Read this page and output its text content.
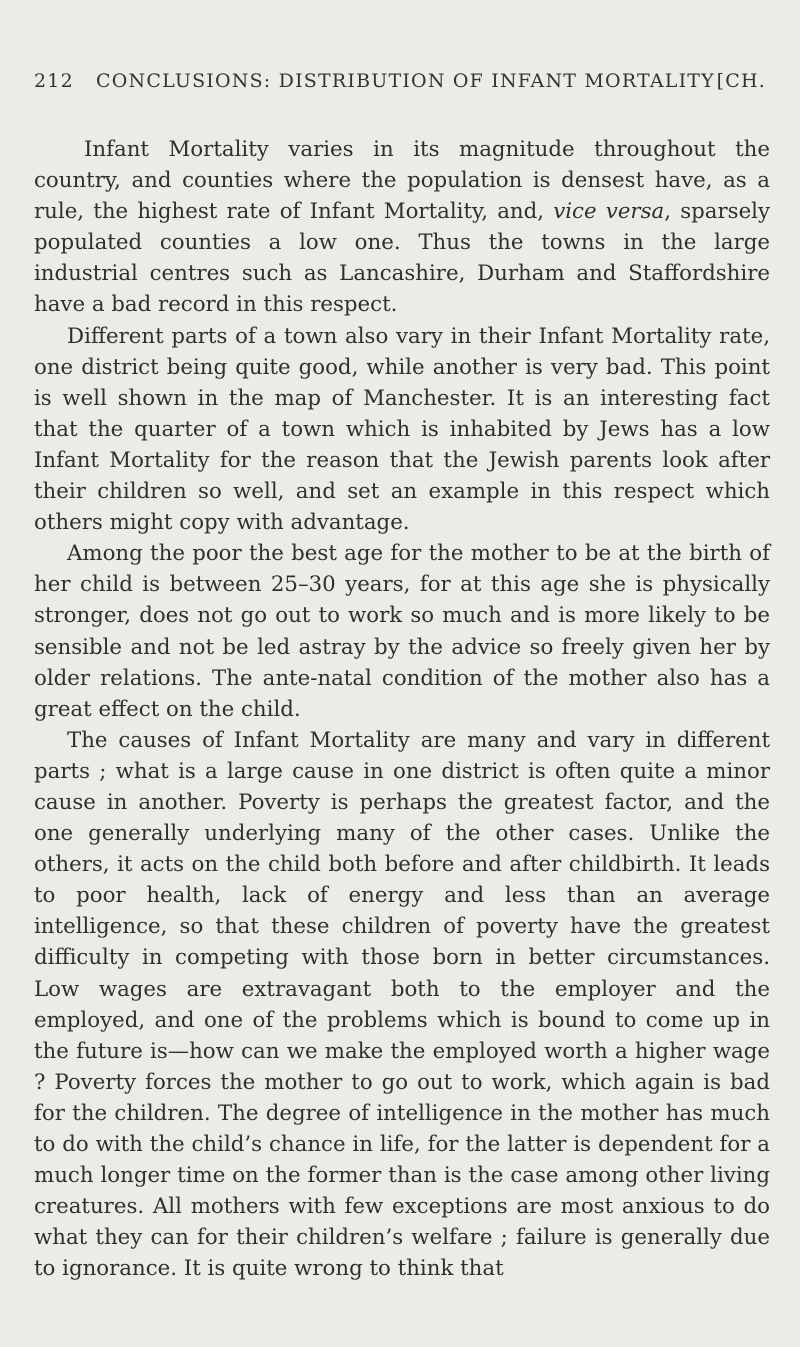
212 CONCLUSIONS: DISTRIBUTION OF INFANT MORTALITY [CH.

Infant Mortality varies in its magnitude throughout the country, and counties where the population is densest have, as a rule, the highest rate of Infant Mortality, and, vice versa, sparsely populated counties a low one. Thus the towns in the large industrial centres such as Lancashire, Durham and Staffordshire have a bad record in this respect.

Different parts of a town also vary in their Infant Mortality rate, one district being quite good, while another is very bad. This point is well shown in the map of Manchester. It is an interesting fact that the quarter of a town which is inhabited by Jews has a low Infant Mortality for the reason that the Jewish parents look after their children so well, and set an example in this respect which others might copy with advantage.

Among the poor the best age for the mother to be at the birth of her child is between 25–30 years, for at this age she is physically stronger, does not go out to work so much and is more likely to be sensible and not be led astray by the advice so freely given her by older relations. The ante-natal condition of the mother also has a great effect on the child.

The causes of Infant Mortality are many and vary in different parts ; what is a large cause in one district is often quite a minor cause in another. Poverty is perhaps the greatest factor, and the one generally underlying many of the other cases. Unlike the others, it acts on the child both before and after childbirth. It leads to poor health, lack of energy and less than an average intelligence, so that these children of poverty have the greatest difficulty in competing with those born in better circumstances. Low wages are extravagant both to the employer and the employed, and one of the problems which is bound to come up in the future is—how can we make the employed worth a higher wage ? Poverty forces the mother to go out to work, which again is bad for the children. The degree of intelligence in the mother has much to do with the child’s chance in life, for the latter is dependent for a much longer time on the former than is the case among other living creatures. All mothers with few exceptions are most anxious to do what they can for their children’s welfare ; failure is generally due to ignorance. It is quite wrong to think that
